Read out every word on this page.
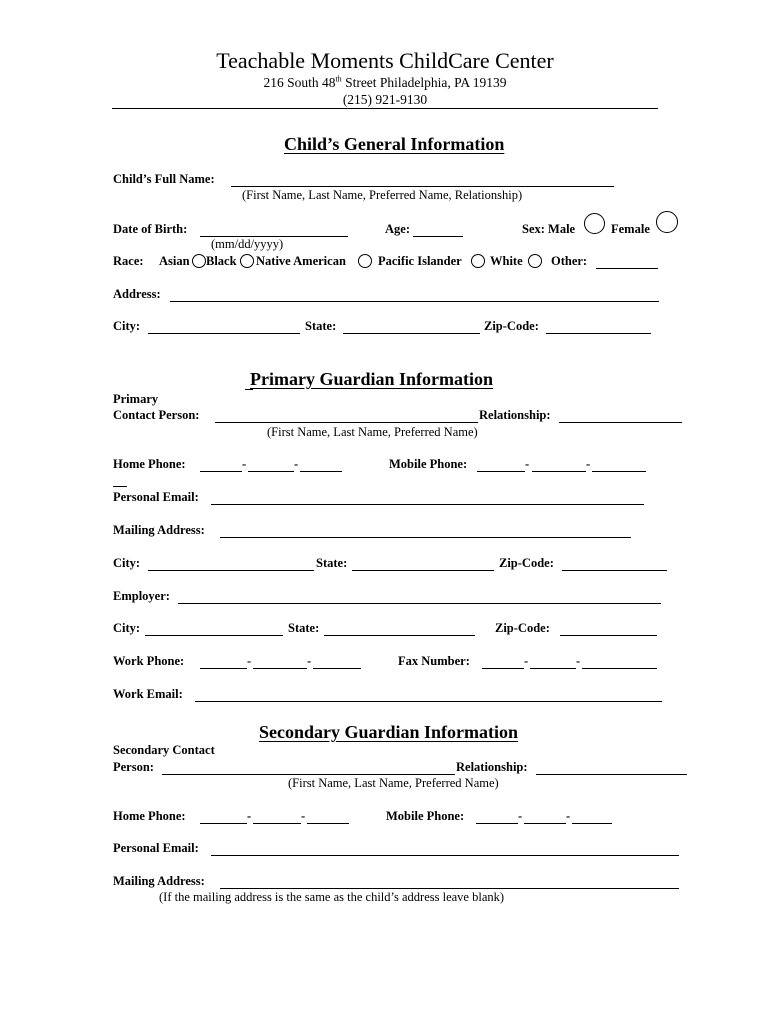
Teachable Moments ChildCare Center
216 South 48th Street Philadelphia, PA 19139
(215) 921-9130
Child’s General Information
Child’s Full Name:
(First Name, Last Name, Preferred Name, Relationship)
Date of Birth:	Age:	Sex: Male	Female
(mm/dd/yyyy)
Race: Asian Black Native American	Pacific Islander White Other:
Address:
City:	State:	Zip-Code:
Primary Guardian Information
Primary
Contact Person:	Relationship:
(First Name, Last Name, Preferred Name)
Home Phone:	-	-	Mobile Phone:	-	-
Personal Email:
Mailing Address:
City:	State:	Zip-Code:
Employer:
City:	State:	Zip-Code:
Work Phone:	-	-	Fax Number:	-	-
Work Email:
Secondary Guardian Information
Secondary Contact
Person:	Relationship:
(First Name, Last Name, Preferred Name)
Home Phone:	-	-	Mobile Phone:	-	-
Personal Email:
Mailing Address:
(If the mailing address is the same as the child’s address leave blank)
